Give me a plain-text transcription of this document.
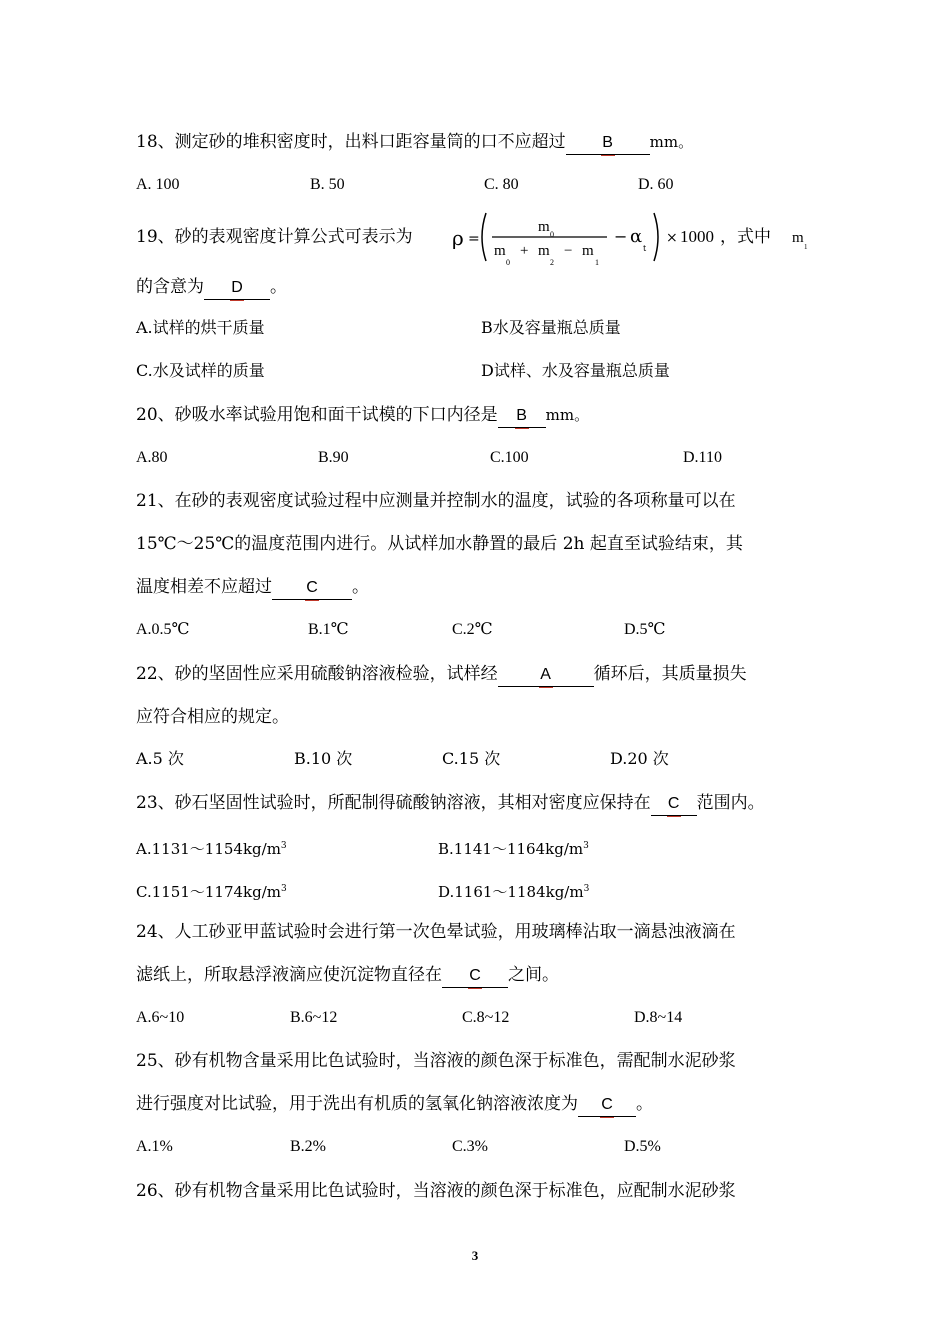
18、测定砂的堆积密度时，出料口距容量筒的口不应超过 B mm。
A. 100	B. 50	C. 80	D. 60
19、砂的表观密度计算公式可表示为 ρ =
m 0
m
0
+ m
2
− m
1
− α
t
× 1000 ，式中 m
1
的含意为 D 。
A.试样的烘干质量	B水及容量瓶总质量
C.水及试样的质量	D试样、水及容量瓶总质量
20、砂吸水率试验用饱和面干试模的下口内径是 B mm。
A.80	B.90	C.100	D.110
21、在砂的表观密度试验过程中应测量并控制水的温度，试验的各项称量可以在
15℃～25℃的温度范围内进行。从试样加水静置的最后 2h 起直至试验结束，其
温度相差不应超过 C 。
A.0.5℃	B.1℃	C.2℃	D.5℃
22、砂的坚固性应采用硫酸钠溶液检验，试样经	A	循环后，其质量损失
应符合相应的规定。
A.5 次	B.10 次	C.15 次	D.20 次
23、砂石坚固性试验时，所配制得硫酸钠溶液，其相对密度应保持在 C 范围内。
$A.1131\sim 1154kg/m^3$	$B.1141\sim 1164kg/m^3$
$C.1151\sim 1174kg/m^3$	$D.1161\sim 1184kg/m^3$
24、人工砂亚甲蓝试验时会进行第一次色晕试验，用玻璃棒沾取一滴悬浊液滴在
滤纸上，所取悬浮液滴应使沉淀物直径在 C 之间。
A.6~10	B.6~12	C.8~12	D.8~14
25、砂有机物含量采用比色试验时，当溶液的颜色深于标准色，需配制水泥砂浆
进行强度对比试验，用于洗出有机质的氢氧化钠溶液浓度为 C 。
A.1%	B.2%	C.3%	D.5%
26、砂有机物含量采用比色试验时，当溶液的颜色深于标准色，应配制水泥砂浆
3
